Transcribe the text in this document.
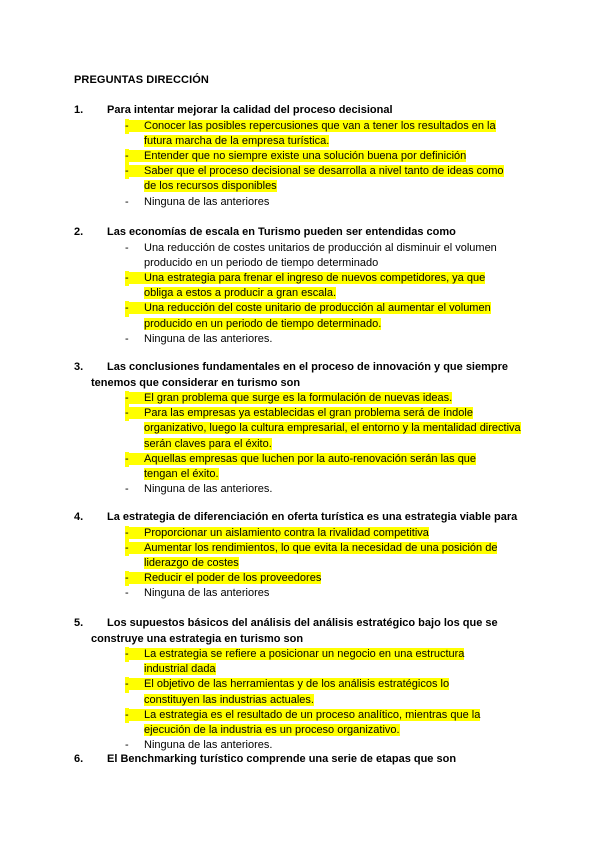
PREGUNTAS DIRECCIÓN
1.	Para intentar mejorar la calidad del proceso decisional
-	Conocer las posibles repercusiones que van a tener los resultados en la
futura marcha de la empresa turística.
-	Entender que no siempre existe una solución buena por definición
-	Saber que el proceso decisional se desarrolla a nivel tanto de ideas como
de los recursos disponibles
-	Ninguna de las anteriores
2.	Las economías de escala en Turismo pueden ser entendidas como
-	Una reducción de costes unitarios de producción al disminuir el volumen
producido en un periodo de tiempo determinado
-	Una estrategia para frenar el ingreso de nuevos competidores, ya que
obliga a estos a producir a gran escala.
-	Una reducción del coste unitario de producción al aumentar el volumen
producido en un periodo de tiempo determinado.
-	Ninguna de las anteriores.
3.	Las conclusiones fundamentales en el proceso de innovación y que siempre
tenemos que considerar en turismo son
-	El gran problema que surge es la formulación de nuevas ideas.
-	Para las empresas ya establecidas el gran problema será de índole
organizativo, luego la cultura empresarial, el entorno y la mentalidad directiva
serán claves para el éxito.
-	Aquellas empresas que luchen por la auto-renovación serán las que
tengan el éxito.
-	Ninguna de las anteriores.
4.	La estrategia de diferenciación en oferta turística es una estrategia viable para
-	Proporcionar un aislamiento contra la rivalidad competitiva
-	Aumentar los rendimientos, lo que evita la necesidad de una posición de
liderazgo de costes
-	Reducir el poder de los proveedores
-	Ninguna de las anteriores
5.	Los supuestos básicos del análisis del análisis estratégico bajo los que se
construye una estrategia en turismo son
-	La estrategia se refiere a posicionar un negocio en una estructura
industrial dada
-	El objetivo de las herramientas y de los análisis estratégicos lo
constituyen las industrias actuales.
-	La estrategia es el resultado de un proceso analítico, mientras que la
ejecución de la industria es un proceso organizativo.
-	Ninguna de las anteriores.
6.	El Benchmarking turístico comprende una serie de etapas que son
